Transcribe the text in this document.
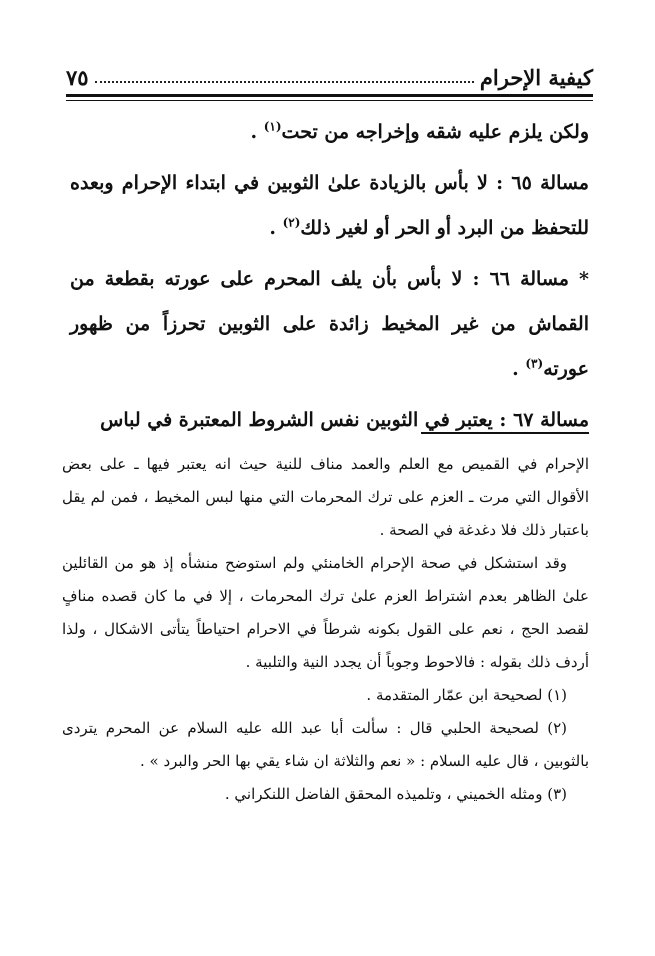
كيفية الإحرام
٧٥

ولكن يلزم عليه شقه وإخراجه من تحت$^{(١)}$ .

مسالة ٦٥ : لا بأس بالزيادة علىٰ الثوبين في ابتداء الإحرام وبعده للتحفظ من البرد أو الحر أو لغير ذلك$^{(٢)}$ .

* مسالة ٦٦ : لا بأس بأن يلف المحرم على عورته بقطعة من القماش من غير المخيط زائدة على الثوبين تحرزاً من ظهور عورته$^{(٣)}$ .

مسالة ٦٧ : يعتبر في الثوبين نفس الشروط المعتبرة في لباس

الإحرام في القميص مع العلم والعمد مناف للنية حيث انه يعتبر فيها ـ على بعض الأقوال التي مرت ـ العزم على ترك المحرمات التي منها لبس المخيط ، فمن لم يقل باعتبار ذلك فلا دغدغة في الصحة .

وقد استشكل في صحة الإحرام الخامنئي ولم استوضح منشأه إذ هو من القائلين علىٰ الظاهر بعدم اشتراط العزم علىٰ ترك المحرمات ، إلا في ما كان قصده منافٍ لقصد الحج ، نعم على القول بكونه شرطاً في الاحرام احتياطاً يتأتى الاشكال ، ولذا أردف ذلك بقوله : فالاحوط وجوباً أن يجدد النية والتلبية .

(١) لصحيحة ابن عمّار المتقدمة .

(٢) لصحيحة الحلبي قال : سألت أبا عبد الله عليه السلام عن المحرم يتردى بالثوبين ، قال عليه السلام : « نعم والثلاثة ان شاء يقي بها الحر والبرد » .

(٣) ومثله الخميني ، وتلميذه المحقق الفاضل اللنكراني .
